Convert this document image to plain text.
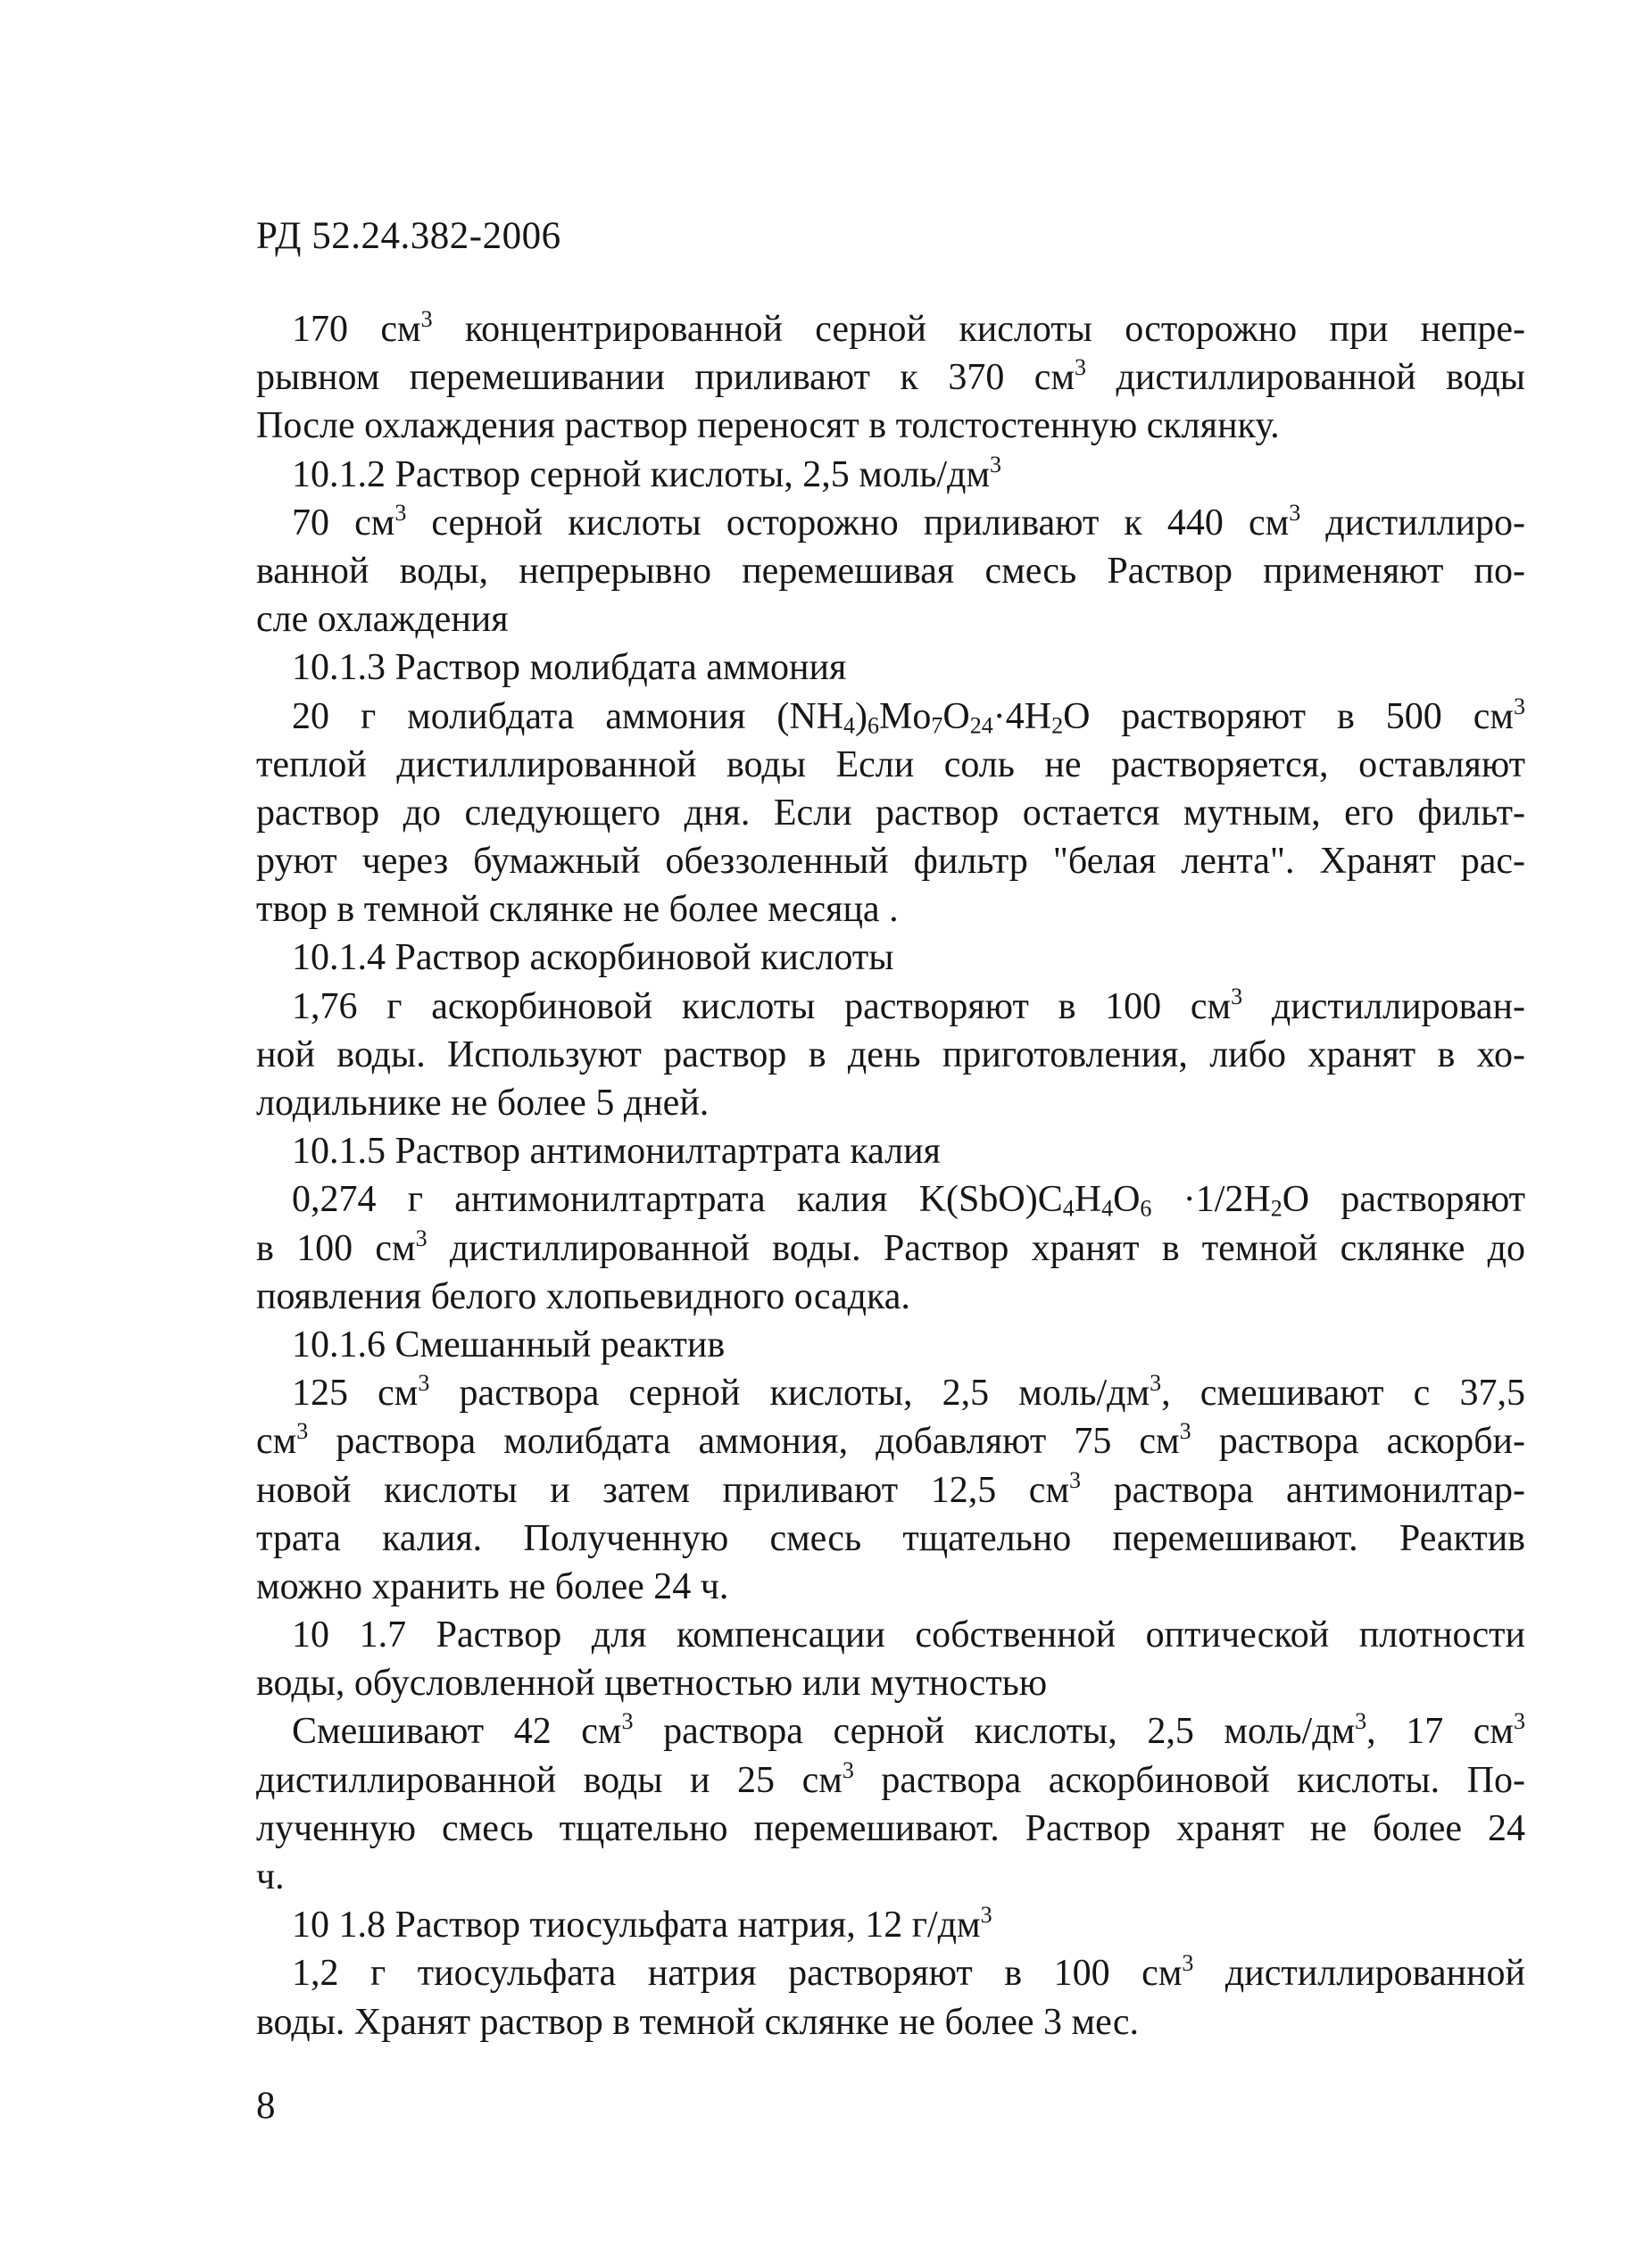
РД 52.24.382-2006
170 $см^3$ концентрированной серной кислоты осторожно при непре-
рывном перемешивании приливают к 370 $см^3$ дистиллированной воды
После охлаждения раствор переносят в толстостенную склянку.
10.1.2 Раствор серной кислоты, 2,5 моль/$дм^3$
70 $см^3$ серной кислоты осторожно приливают к 440 $см^3$ дистиллиро-
ванной воды, непрерывно перемешивая смесь Раствор применяют по-
сле охлаждения
10.1.3 Раствор молибдата аммония
20 г молибдата аммония $(NH_4)_6Mo_7O_{24}\cdot 4H_2O$ растворяют в 500 $см^3$
теплой дистиллированной воды Если соль не растворяется, оставляют
раствор до следующего дня. Если раствор остается мутным, его фильт-
руют через бумажный обеззоленный фильтр "белая лента". Хранят рас-
твор в темной склянке не более месяца .
10.1.4 Раствор аскорбиновой кислоты
1,76 г аскорбиновой кислоты растворяют в 100 $см^3$ дистиллирован-
ной воды. Используют раствор в день приготовления, либо хранят в хо-
лодильнике не более 5 дней.
10.1.5 Раствор антимонилтартрата калия
0,274 г антимонилтартрата калия $K(SbO)C_4H_4O_6 \cdot 1/2H_2O$ растворяют
в 100 $см^3$ дистиллированной воды. Раствор хранят в темной склянке до
появления белого хлопьевидного осадка.
10.1.6 Смешанный реактив
125 $см^3$ раствора серной кислоты, 2,5 моль/$дм^3$, смешивают с 37,5
$см^3$ раствора молибдата аммония, добавляют 75 $см^3$ раствора аскорби-
новой кислоты и затем приливают 12,5 $см^3$ раствора антимонилтар-
трата калия. Полученную смесь тщательно перемешивают. Реактив
можно хранить не более 24 ч.
10 1.7 Раствор для компенсации собственной оптической плотности
воды, обусловленной цветностью или мутностью
Смешивают 42 $см^3$ раствора серной кислоты, 2,5 моль/$дм^3$, 17 $см^3$
дистиллированной воды и 25 $см^3$ раствора аскорбиновой кислоты. По-
лученную смесь тщательно перемешивают. Раствор хранят не более 24
ч.
10 1.8 Раствор тиосульфата натрия, 12 $г/дм^3$
1,2 г тиосульфата натрия растворяют в 100 $см^3$ дистиллированной
воды. Хранят раствор в темной склянке не более 3 мес.

8
